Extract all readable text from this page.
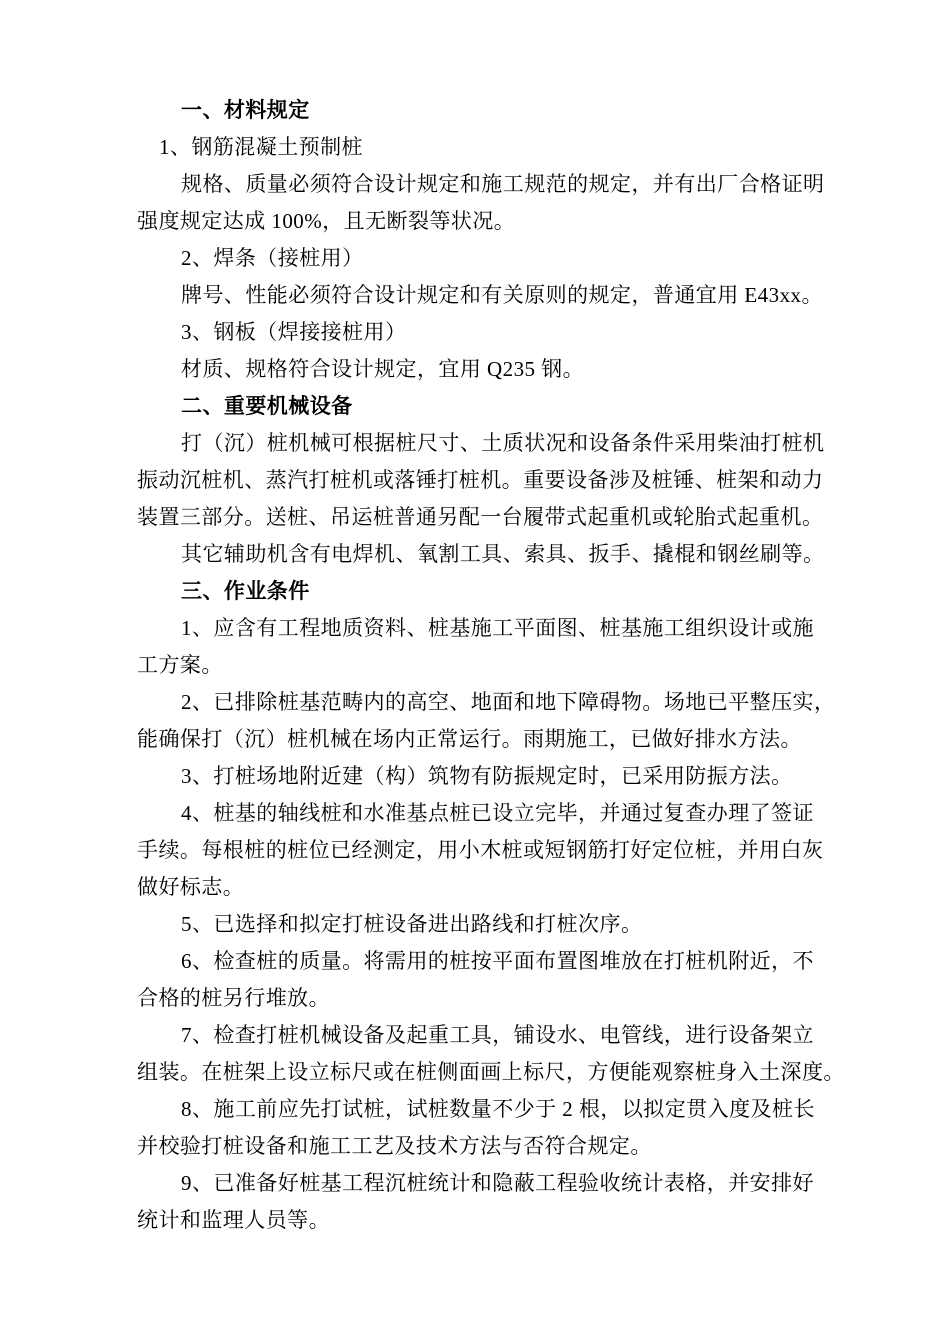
一、材料规定
1、钢筋混凝土预制桩
规格、质量必须符合设计规定和施工规范的规定，并有出厂合格证明
强度规定达成 100%，且无断裂等状况。
2、焊条（接桩用）
牌号、性能必须符合设计规定和有关原则的规定，普通宜用 E43xx。
3、钢板（焊接接桩用）
材质、规格符合设计规定，宜用 Q235 钢。
二、重要机械设备
打（沉）桩机械可根据桩尺寸、土质状况和设备条件采用柴油打桩机
振动沉桩机、蒸汽打桩机或落锤打桩机。重要设备涉及桩锤、桩架和动力
装置三部分。送桩、吊运桩普通另配一台履带式起重机或轮胎式起重机。
其它辅助机含有电焊机、氧割工具、索具、扳手、撬棍和钢丝刷等。
三、作业条件
1、应含有工程地质资料、桩基施工平面图、桩基施工组织设计或施
工方案。
2、已排除桩基范畴内的高空、地面和地下障碍物。场地已平整压实，
能确保打（沉）桩机械在场内正常运行。雨期施工，已做好排水方法。
3、打桩场地附近建（构）筑物有防振规定时，已采用防振方法。
4、桩基的轴线桩和水准基点桩已设立完毕，并通过复查办理了签证
手续。每根桩的桩位已经测定，用小木桩或短钢筋打好定位桩，并用白灰
做好标志。
5、已选择和拟定打桩设备进出路线和打桩次序。
6、检查桩的质量。将需用的桩按平面布置图堆放在打桩机附近，不
合格的桩另行堆放。
7、检查打桩机械设备及起重工具，铺设水、电管线，进行设备架立
组装。在桩架上设立标尺或在桩侧面画上标尺，方便能观察桩身入土深度。
8、施工前应先打试桩，试桩数量不少于 2 根，以拟定贯入度及桩长
并校验打桩设备和施工工艺及技术方法与否符合规定。
9、已准备好桩基工程沉桩统计和隐蔽工程验收统计表格，并安排好
统计和监理人员等。
